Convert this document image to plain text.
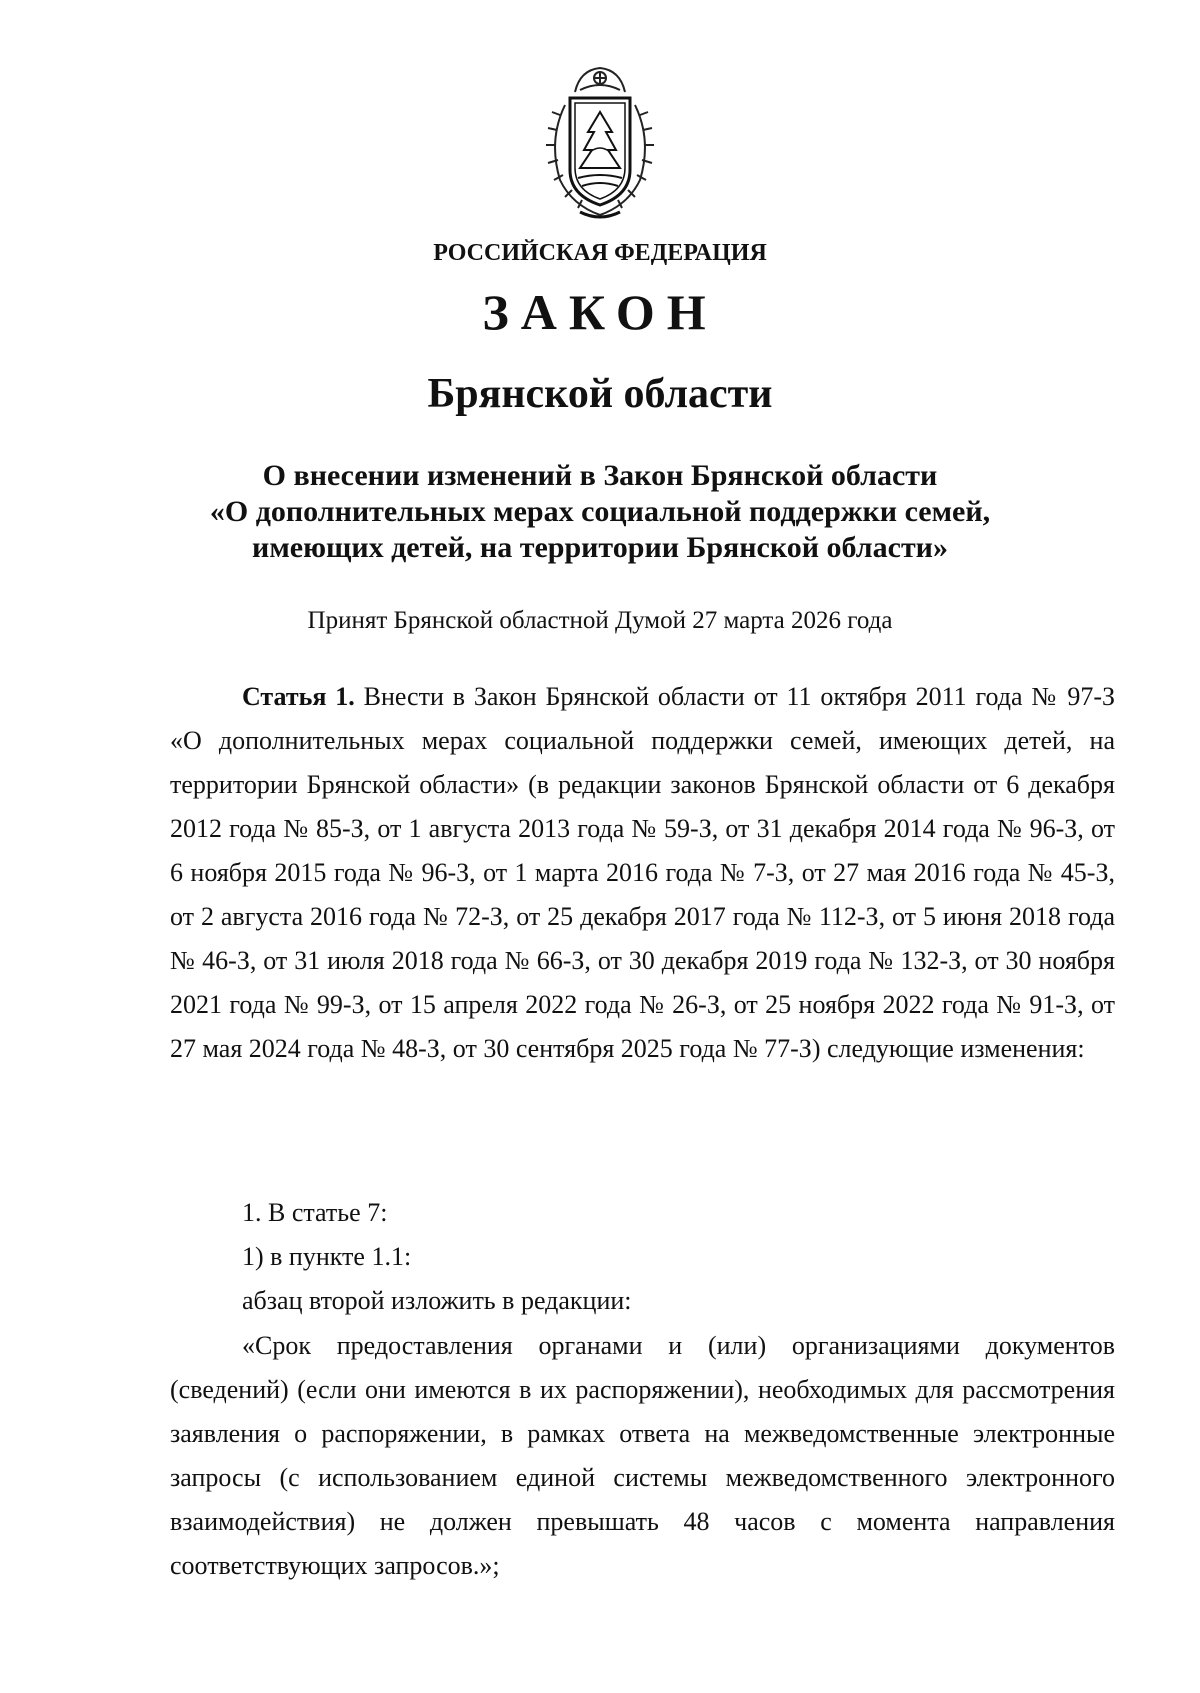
РОССИЙСКАЯ ФЕДЕРАЦИЯ
ЗАКОН
Брянской области
О внесении изменений в Закон Брянской области
«О дополнительных мерах социальной поддержки семей,
имеющих детей, на территории Брянской области»
Принят Брянской областной Думой 27 марта 2026 года
Статья 1. Внести в Закон Брянской области от 11 октября 2011 года № 97-З «О дополнительных мерах социальной поддержки семей, имеющих детей, на территории Брянской области» (в редакции законов Брянской области от 6 декабря 2012 года № 85-З, от 1 августа 2013 года № 59-З, от 31 декабря 2014 года № 96-З, от 6 ноября 2015 года № 96-З, от 1 марта 2016 года № 7-З, от 27 мая 2016 года № 45-З, от 2 августа 2016 года № 72-З, от 25 декабря 2017 года № 112-З, от 5 июня 2018 года № 46-З, от 31 июля 2018 года № 66-З, от 30 декабря 2019 года № 132-З, от 30 ноября 2021 года № 99-З, от 15 апреля 2022 года № 26-З, от 25 ноября 2022 года № 91-З, от 27 мая 2024 года № 48-З, от 30 сентября 2025 года № 77-З) следующие изменения:
1. В статье 7:
1) в пункте 1.1:
абзац второй изложить в редакции:
«Срок предоставления органами и (или) организациями документов (сведений) (если они имеются в их распоряжении), необходимых для рассмотрения заявления о распоряжении, в рамках ответа на межведомственные электронные запросы (с использованием единой системы межведомственного электронного взаимодействия) не должен превышать 48 часов с момента направления соответствующих запросов.»;
